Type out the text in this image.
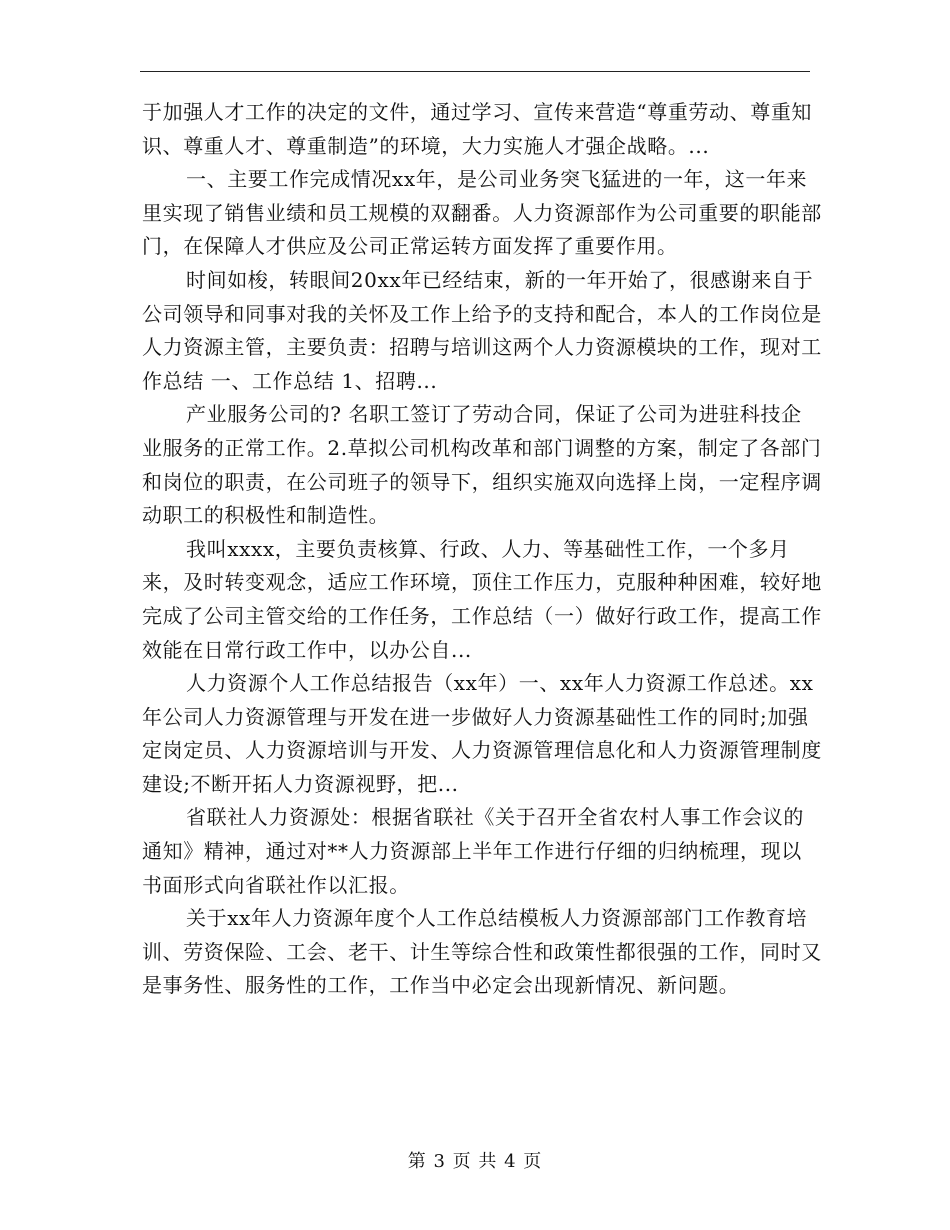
于加强人才工作的决定的文件，通过学习、宣传来营造“尊重劳动、尊重知识、尊重人才、尊重制造”的环境，大力实施人才强企战略。...

一、主要工作完成情况xx年，是公司业务突飞猛进的一年，这一年来里实现了销售业绩和员工规模的双翻番。人力资源部作为公司重要的职能部门，在保障人才供应及公司正常运转方面发挥了重要作用。

时间如梭，转眼间20xx年已经结束，新的一年开始了，很感谢来自于公司领导和同事对我的关怀及工作上给予的支持和配合，本人的工作岗位是人力资源主管，主要负责：招聘与培训这两个人力资源模块的工作，现对工作总结 一、工作总结 1、招聘...

产业服务公司的? 名职工签订了劳动合同，保证了公司为进驻科技企业服务的正常工作。2.草拟公司机构改革和部门调整的方案，制定了各部门和岗位的职责，在公司班子的领导下，组织实施双向选择上岗，一定程序调动职工的积极性和制造性。

我叫xxxx，主要负责核算、行政、人力、等基础性工作，一个多月来，及时转变观念，适应工作环境，顶住工作压力，克服种种困难，较好地完成了公司主管交给的工作任务，工作总结（一）做好行政工作，提高工作效能在日常行政工作中，以办公自...

人力资源个人工作总结报告（xx年）一、xx年人力资源工作总述。xx年公司人力资源管理与开发在进一步做好人力资源基础性工作的同时;加强定岗定员、人力资源培训与开发、人力资源管理信息化和人力资源管理制度建设;不断开拓人力资源视野，把...

省联社人力资源处：根据省联社《关于召开全省农村人事工作会议的通知》精神，通过对**人力资源部上半年工作进行仔细的归纳梳理，现以书面形式向省联社作以汇报。

关于xx年人力资源年度个人工作总结模板人力资源部部门工作教育培训、劳资保险、工会、老干、计生等综合性和政策性都很强的工作，同时又是事务性、服务性的工作，工作当中必定会出现新情况、新问题。

第 3 页 共 4 页
